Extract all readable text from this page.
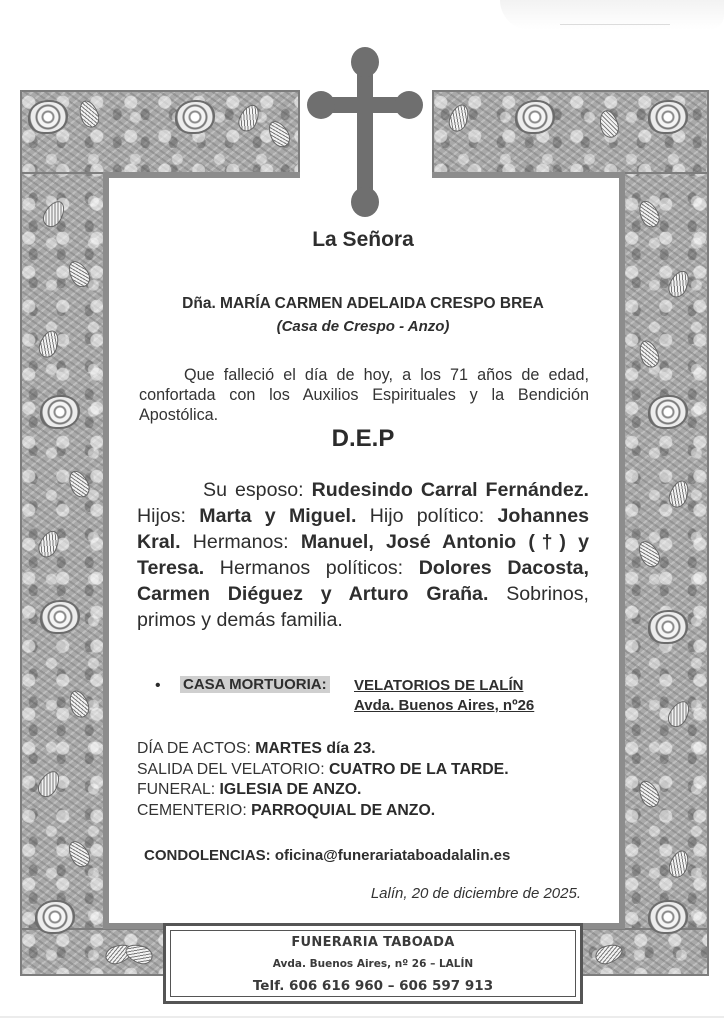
La Señora
Dña. MARÍA CARMEN ADELAIDA CRESPO BREA
(Casa de Crespo - Anzo)
Que falleció el día de hoy, a los 71 años de edad, confortada con los Auxilios Espirituales y la Bendición Apostólica.
D.E.P
Su esposo: Rudesindo Carral Fernández. Hijos: Marta y Miguel. Hijo político: Johannes Kral. Hermanos: Manuel, José Antonio (†) y Teresa. Hermanos políticos: Dolores Dacosta, Carmen Diéguez y Arturo Graña. Sobrinos, primos y demás familia.
• CASA MORTUORIA: VELATORIOS DE LALÍN
Avda. Buenos Aires, nº26
DÍA DE ACTOS: MARTES día 23.
SALIDA DEL VELATORIO: CUATRO DE LA TARDE.
FUNERAL: IGLESIA DE ANZO.
CEMENTERIO: PARROQUIAL DE ANZO.
CONDOLENCIAS: oficina@funerariataboadalalin.es
Lalín, 20 de diciembre de 2025.
FUNERARIA TABOADA
Avda. Buenos Aires, nº 26 – LALÍN
Telf. 606 616 960 – 606 597 913
